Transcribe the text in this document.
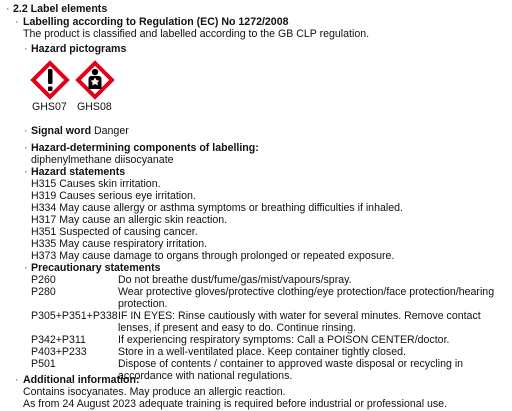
· 2.2 Label elements
· Labelling according to Regulation (EC) No 1272/2008
The product is classified and labelled according to the GB CLP regulation.
· Hazard pictograms
GHS07 GHS08
· Signal word Danger
· Hazard-determining components of labelling:
diphenylmethane diisocyanate
· Hazard statements
H315 Causes skin irritation.
H319 Causes serious eye irritation.
H334 May cause allergy or asthma symptoms or breathing difficulties if inhaled.
H317 May cause an allergic skin reaction.
H351 Suspected of causing cancer.
H335 May cause respiratory irritation.
H373 May cause damage to organs through prolonged or repeated exposure.
· Precautionary statements
P260	Do not breathe dust/fume/gas/mist/vapours/spray.
P280	Wear protective gloves/protective clothing/eye protection/face protection/hearing
protection.
P305+P351+P338 IF IN EYES: Rinse cautiously with water for several minutes. Remove contact
lenses, if present and easy to do. Continue rinsing.
P342+P311	If experiencing respiratory symptoms: Call a POISON CENTER/doctor.
P403+P233	Store in a well-ventilated place. Keep container tightly closed.
P501	Dispose of contents / container to approved waste disposal or recycling in
accordance with national regulations.
· Additional information:
Contains isocyanates. May produce an allergic reaction.
As from 24 August 2023 adequate training is required before industrial or professional use.
